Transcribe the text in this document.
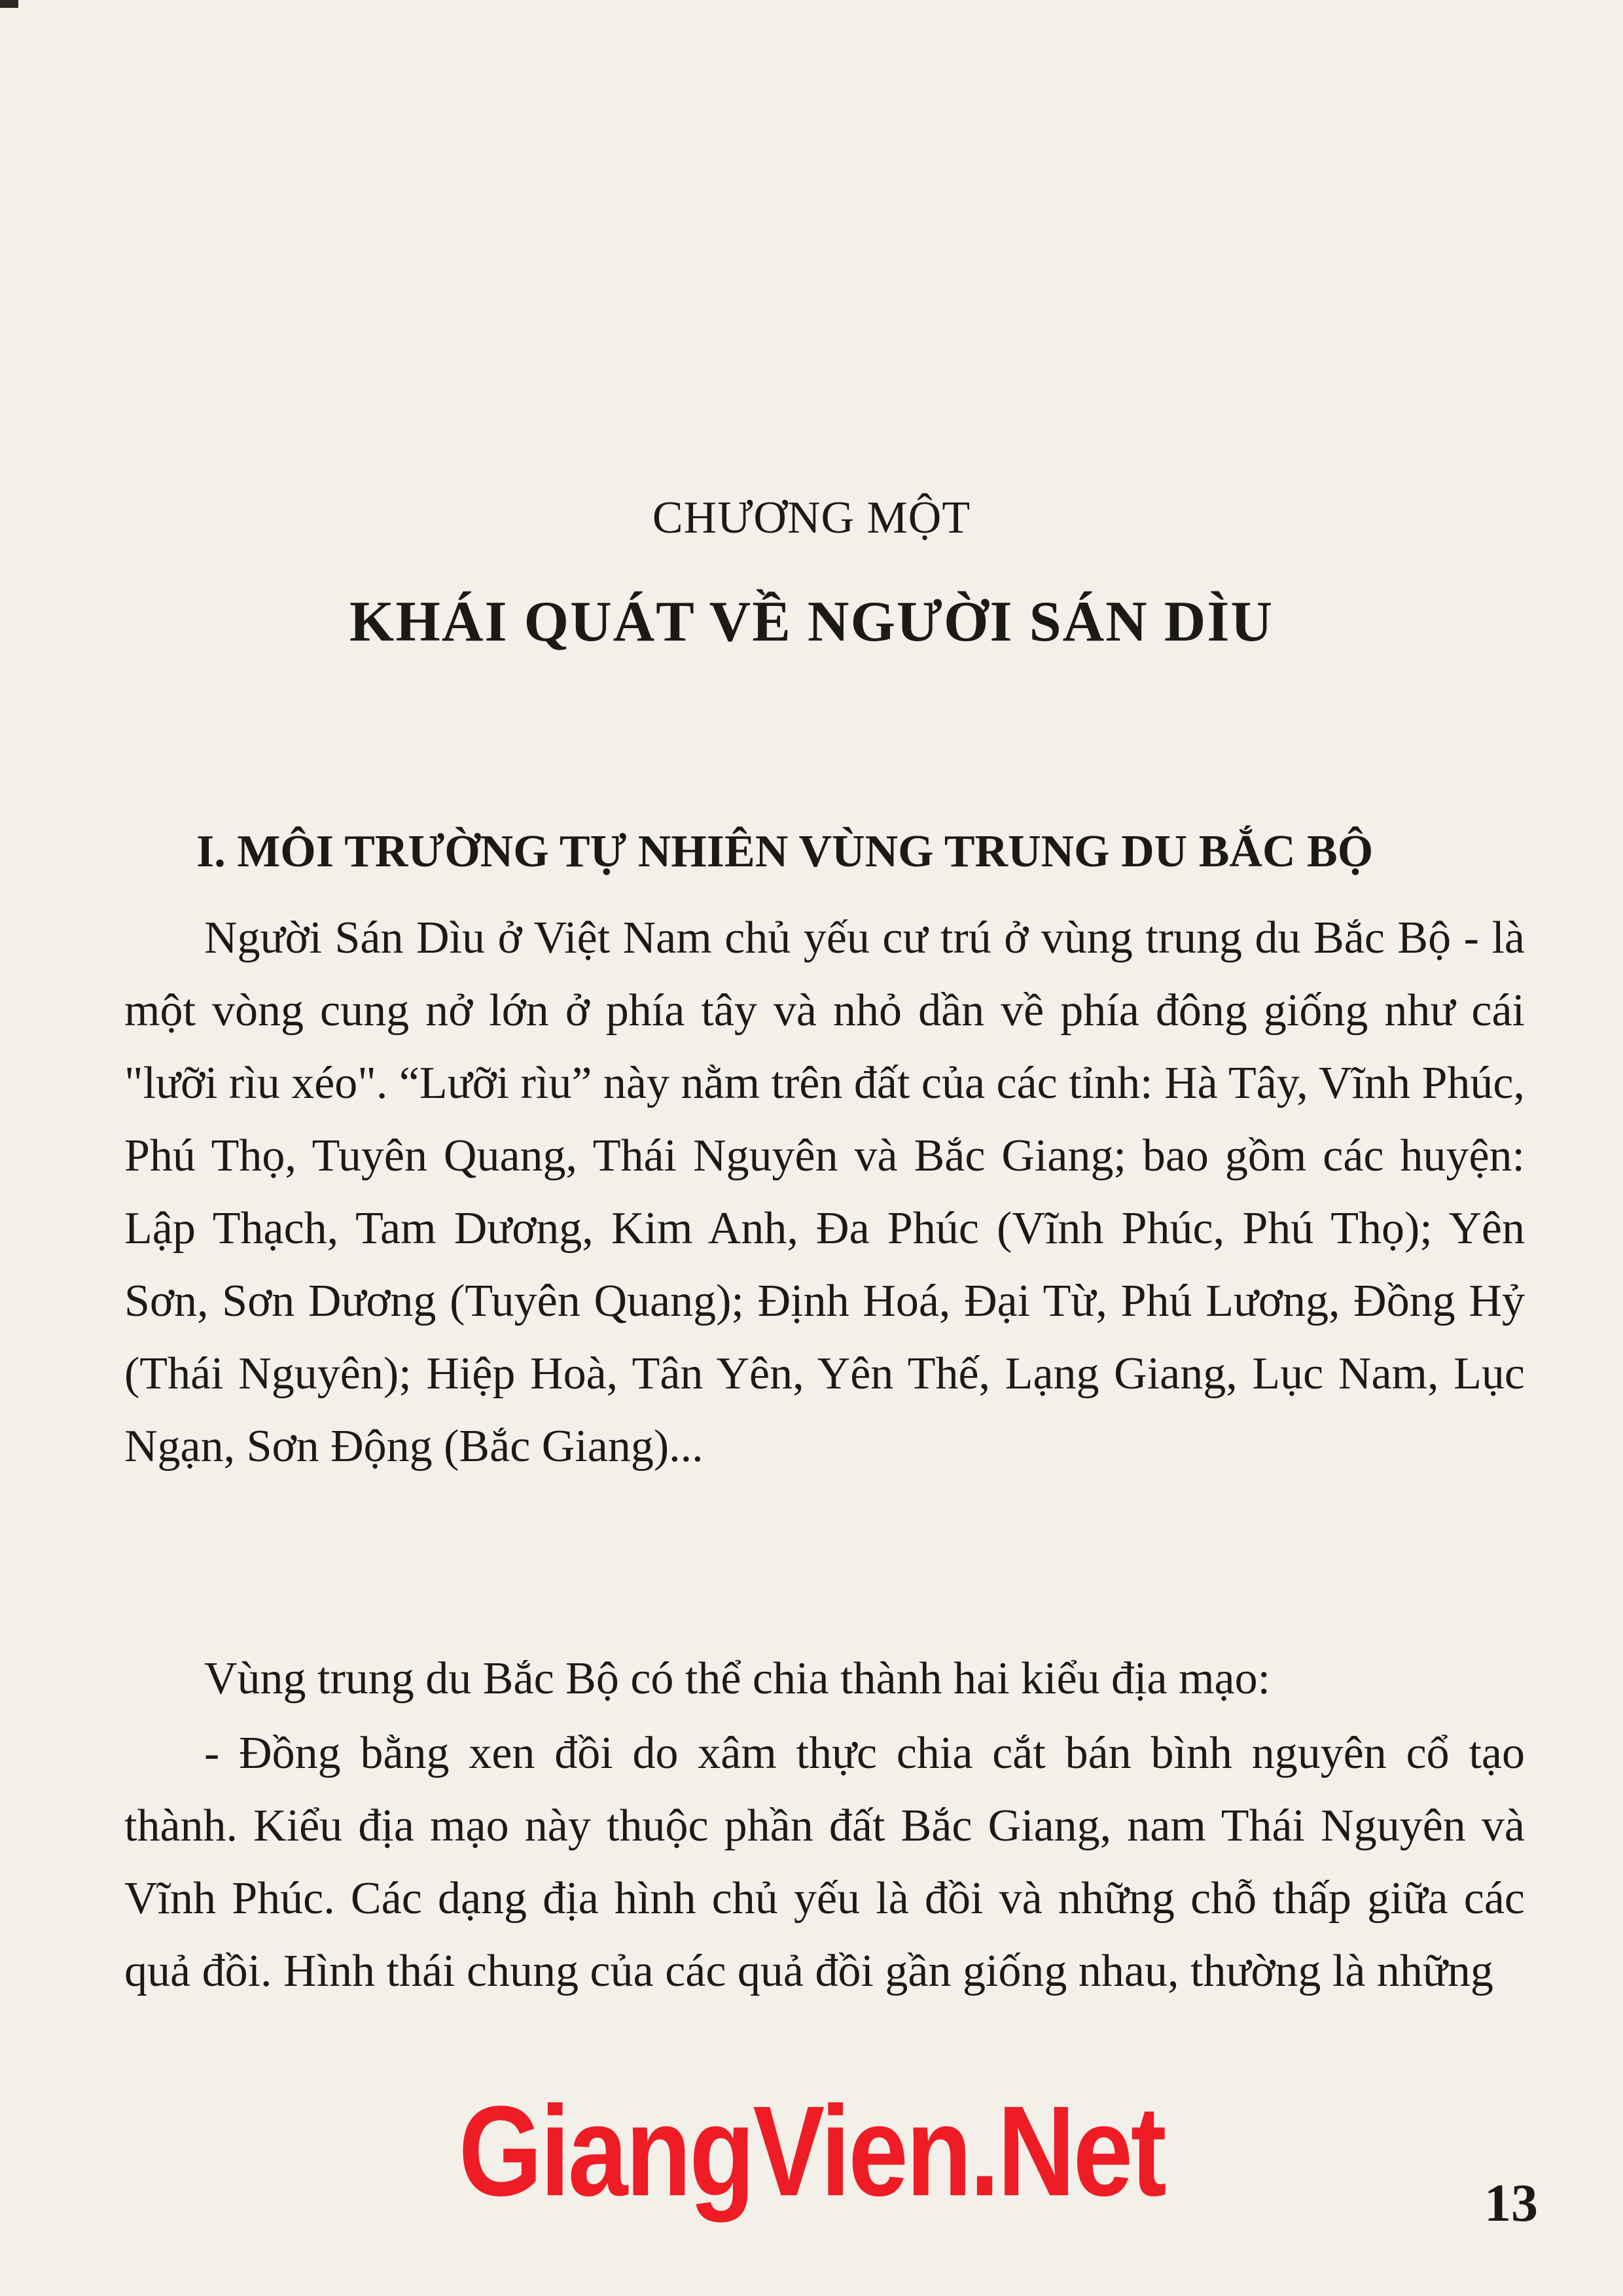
CHƯƠNG MỘT
KHÁI QUÁT VỀ NGƯỜI SÁN DÌU
I. MÔI TRƯỜNG TỰ NHIÊN VÙNG TRUNG DU BẮC BỘ
Người Sán Dìu ở Việt Nam chủ yếu cư trú ở vùng trung du Bắc Bộ - là một vòng cung nở lớn ở phía tây và nhỏ dần về phía đông giống như cái "lưỡi rìu xéo". “Lưỡi rìu” này nằm trên đất của các tỉnh: Hà Tây, Vĩnh Phúc, Phú Thọ, Tuyên Quang, Thái Nguyên và Bắc Giang; bao gồm các huyện: Lập Thạch, Tam Dương, Kim Anh, Đa Phúc (Vĩnh Phúc, Phú Thọ); Yên Sơn, Sơn Dương (Tuyên Quang); Định Hoá, Đại Từ, Phú Lương, Đồng Hỷ (Thái Nguyên); Hiệp Hoà, Tân Yên, Yên Thế, Lạng Giang, Lục Nam, Lục Ngạn, Sơn Động (Bắc Giang)...
Vùng trung du Bắc Bộ có thể chia thành hai kiểu địa mạo:
- Đồng bằng xen đồi do xâm thực chia cắt bán bình nguyên cổ tạo thành. Kiểu địa mạo này thuộc phần đất Bắc Giang, nam Thái Nguyên và Vĩnh Phúc. Các dạng địa hình chủ yếu là đồi và những chỗ thấp giữa các quả đồi. Hình thái chung của các quả đồi gần giống nhau, thường là những
GiangVien.Net	13
